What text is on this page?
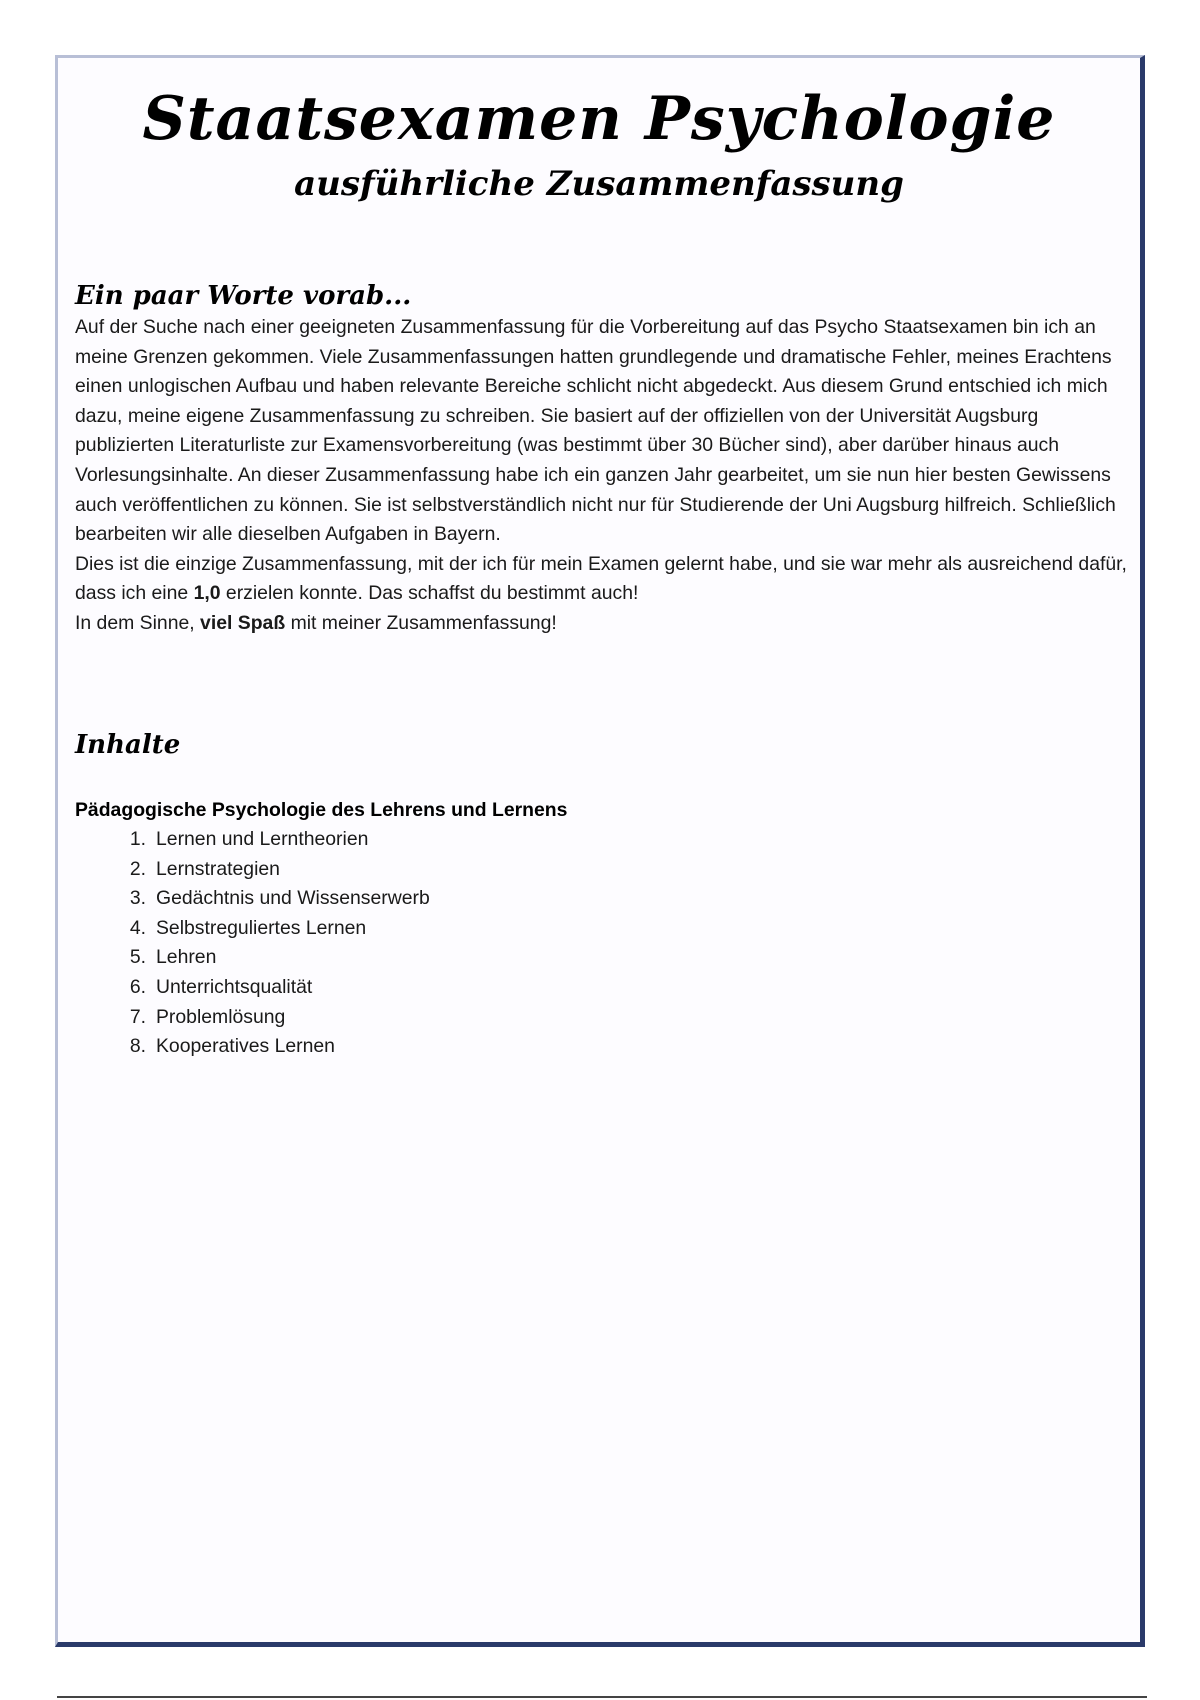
Staatsexamen Psychologie
ausführliche Zusammenfassung
Ein paar Worte vorab...

Auf der Suche nach einer geeigneten Zusammenfassung für die Vorbereitung auf das Psycho Staatsexamen bin ich an meine Grenzen gekommen. Viele Zusammenfassungen hatten grundlegende und dramatische Fehler, meines Erachtens einen unlogischen Aufbau und haben relevante Bereiche schlicht nicht abgedeckt. Aus diesem Grund entschied ich mich dazu, meine eigene Zusammenfassung zu schreiben. Sie basiert auf der offiziellen von der Universität Augsburg publizierten Literaturliste zur Examensvorbereitung (was bestimmt über 30 Bücher sind), aber darüber hinaus auch Vorlesungsinhalte. An dieser Zusammenfassung habe ich ein ganzen Jahr gearbeitet, um sie nun hier besten Gewissens auch veröffentlichen zu können. Sie ist selbstverständlich nicht nur für Studierende der Uni Augsburg hilfreich. Schließlich bearbeiten wir alle dieselben Aufgaben in Bayern.

Dies ist die einzige Zusammenfassung, mit der ich für mein Examen gelernt habe, und sie war mehr als ausreichend dafür, dass ich eine 1,0 erzielen konnte. Das schaffst du bestimmt auch!

In dem Sinne, viel Spaß mit meiner Zusammenfassung!

Inhalte
Pädagogische Psychologie des Lehrens und Lernens
1. Lernen und Lerntheorien
2. Lernstrategien
3. Gedächtnis und Wissenserwerb
4. Selbstreguliertes Lernen
5. Lehren
6. Unterrichtsqualität
7. Problemlösung
8. Kooperatives Lernen
